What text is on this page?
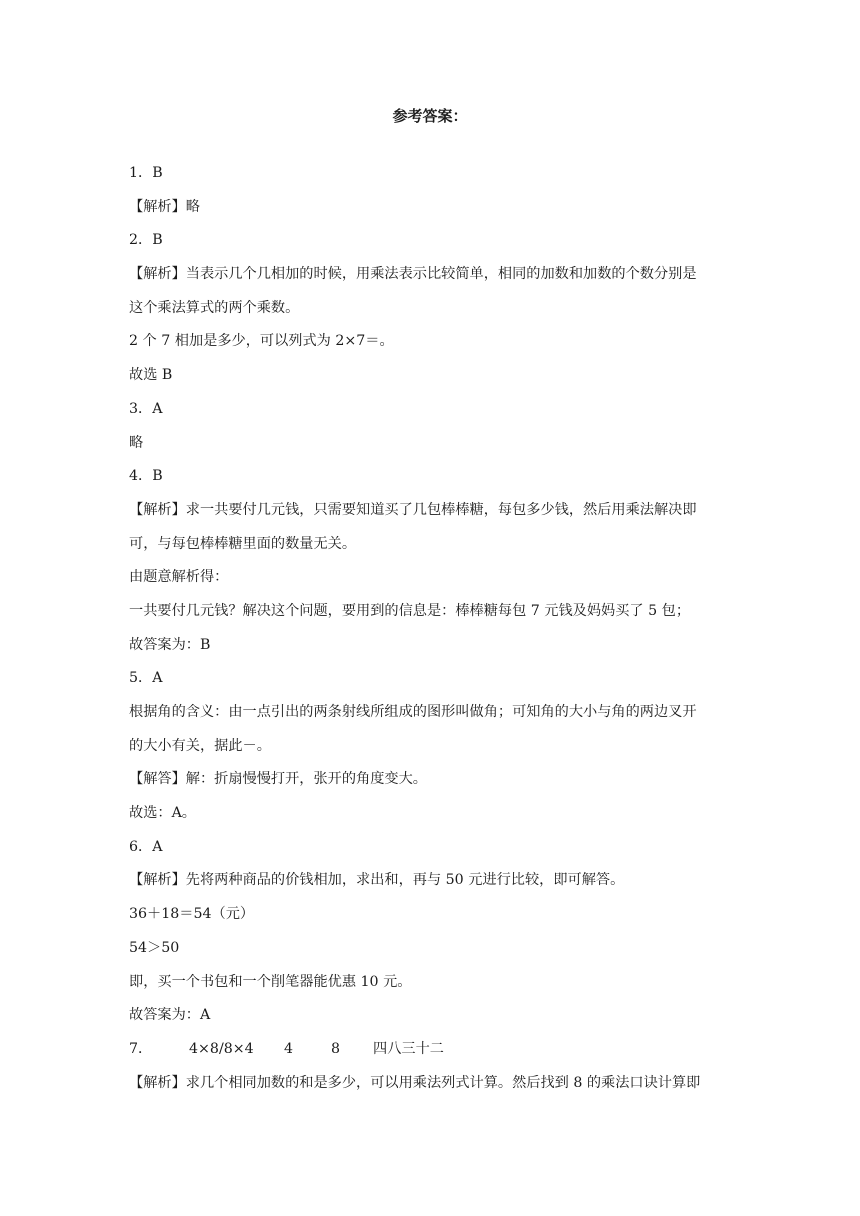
参考答案：
1．B
【解析】略
2．B
【解析】当表示几个几相加的时候，用乘法表示比较简单，相同的加数和加数的个数分别是
这个乘法算式的两个乘数。
2 个 7 相加是多少，可以列式为 2×7＝。
故选 B
3．A
略
4．B
【解析】求一共要付几元钱，只需要知道买了几包棒棒糖，每包多少钱，然后用乘法解决即
可，与每包棒棒糖里面的数量无关。
由题意解析得：
一共要付几元钱？解决这个问题，要用到的信息是：棒棒糖每包 7 元钱及妈妈买了 5 包；
故答案为：B
5．A
根据角的含义：由一点引出的两条射线所组成的图形叫做角；可知角的大小与角的两边叉开
的大小有关，据此－。
【解答】解：折扇慢慢打开，张开的角度变大。
故选：A。
6．A
【解析】先将两种商品的价钱相加，求出和，再与 50 元进行比较，即可解答。
36＋18＝54（元）
54＞50
即，买一个书包和一个削笔器能优惠 10 元。
故答案为：A
7．	4×8/8×4 4	8 四八三十二
【解析】求几个相同加数的和是多少，可以用乘法列式计算。然后找到 8 的乘法口诀计算即
